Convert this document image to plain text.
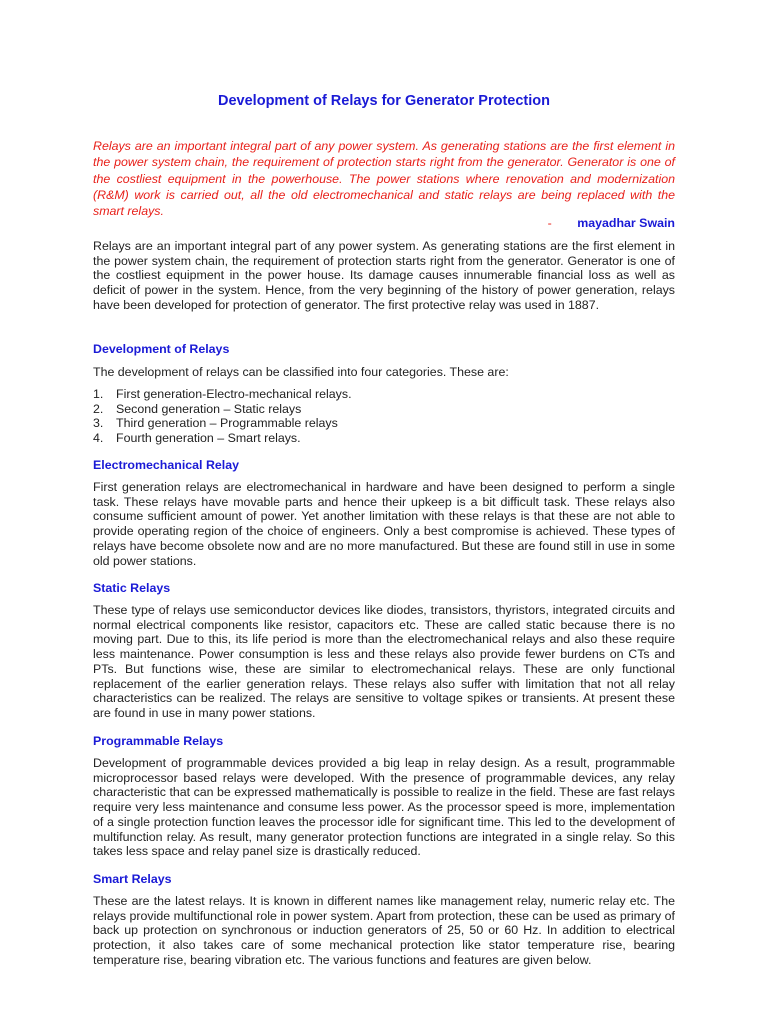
Development of Relays for Generator Protection
Relays are an important integral part of any power system. As generating stations are the first element in the power system chain, the requirement of protection starts right from the generator. Generator is one of the costliest equipment in the powerhouse. The power stations where renovation and modernization (R&M) work is carried out, all the old electromechanical and static relays are being replaced with the smart relays.
- mayadhar Swain
Relays are an important integral part of any power system. As generating stations are the first element in the power system chain, the requirement of protection starts right from the generator. Generator is one of the costliest equipment in the power house. Its damage causes innumerable financial loss as well as deficit of power in the system. Hence, from the very beginning of the history of power generation, relays have been developed for protection of generator. The first protective relay was used in 1887.
Development of Relays
The development of relays can be classified into four categories. These are:
1.	First generation-Electro-mechanical relays.
2.	Second generation – Static relays
3.	Third generation – Programmable relays
4.	Fourth generation – Smart relays.
Electromechanical Relay
First generation relays are electromechanical in hardware and have been designed to perform a single task. These relays have movable parts and hence their upkeep is a bit difficult task. These relays also consume sufficient amount of power. Yet another limitation with these relays is that these are not able to provide operating region of the choice of engineers. Only a best compromise is achieved. These types of relays have become obsolete now and are no more manufactured. But these are found still in use in some old power stations.
Static Relays
These type of relays use semiconductor devices like diodes, transistors, thyristors, integrated circuits and normal electrical components like resistor, capacitors etc. These are called static because there is no moving part. Due to this, its life period is more than the electromechanical relays and also these require less maintenance. Power consumption is less and these relays also provide fewer burdens on CTs and PTs. But functions wise, these are similar to electromechanical relays. These are only functional replacement of the earlier generation relays. These relays also suffer with limitation that not all relay characteristics can be realized. The relays are sensitive to voltage spikes or transients. At present these are found in use in many power stations.
Programmable Relays
Development of programmable devices provided a big leap in relay design. As a result, programmable microprocessor based relays were developed. With the presence of programmable devices, any relay characteristic that can be expressed mathematically is possible to realize in the field. These are fast relays require very less maintenance and consume less power. As the processor speed is more, implementation of a single protection function leaves the processor idle for significant time. This led to the development of multifunction relay. As result, many generator protection functions are integrated in a single relay. So this takes less space and relay panel size is drastically reduced.
Smart Relays
These are the latest relays. It is known in different names like management relay, numeric relay etc. The relays provide multifunctional role in power system. Apart from protection, these can be used as primary of back up protection on synchronous or induction generators of 25, 50 or 60 Hz. In addition to electrical protection, it also takes care of some mechanical protection like stator temperature rise, bearing temperature rise, bearing vibration etc. The various functions and features are given below.
